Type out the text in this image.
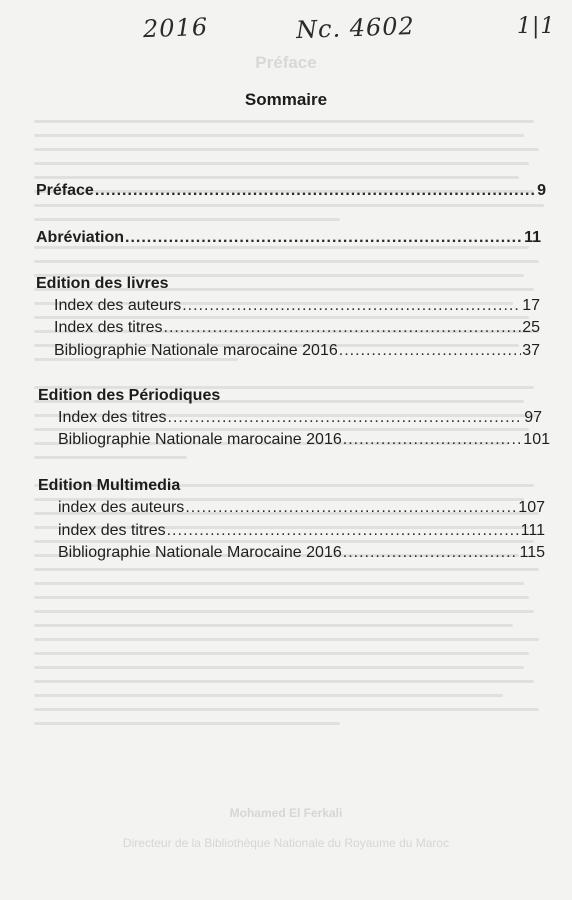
2016	Nc. 4602	1|1
Préface
Mohamed El Ferkali
Directeur de la Bibliothèque Nationale du Royaume du Maroc
Sommaire
Préface .....	9
Abréviation .....	11
Edition des livres
Index des auteurs .....	17
Index des titres .....	25
Bibliographie Nationale marocaine 2016 .....	37
Edition des Périodiques
Index des titres .....	97
Bibliographie Nationale marocaine 2016 .....	101
Edition Multimedia
index des auteurs .....	107
index des titres .....	111
Bibliographie Nationale Marocaine 2016 .....	115
